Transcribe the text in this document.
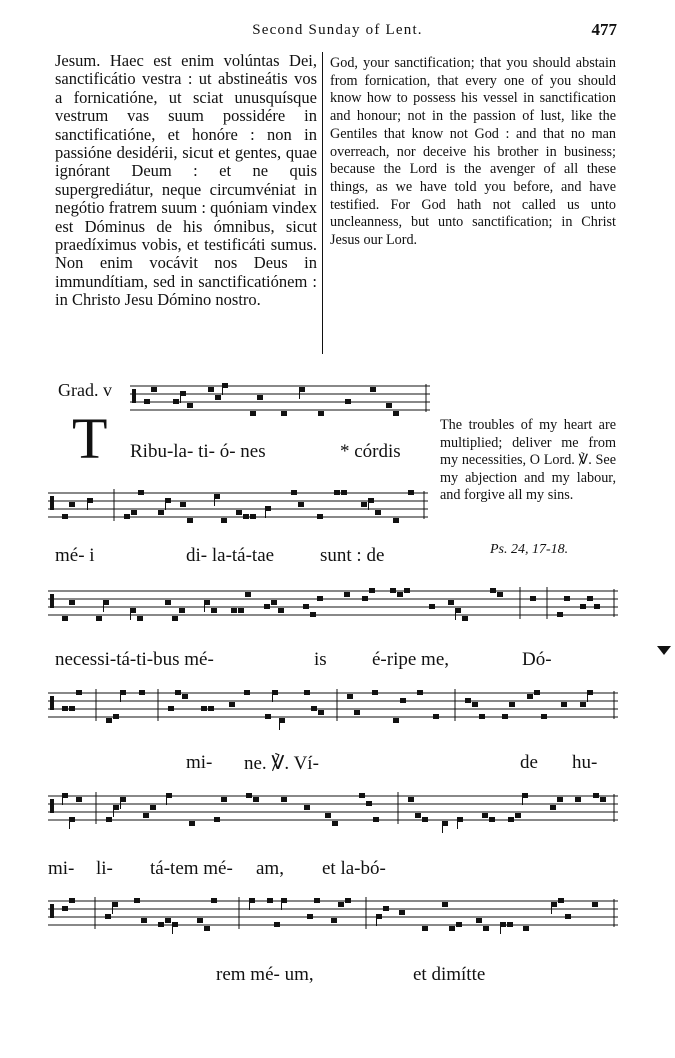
Second Sunday of Lent.	477

Jesum. Haec est enim volúntas Dei, sanctificátio vestra : ut abstineátis vos a fornicatióne, ut sciat unusquísque vestrum vas suum possidére in sanctificatióne, et honóre : non in passióne desidérii, sicut et gentes, quae ignórant Deum : et ne quis supergrediátur, neque circumvéniat in negótio fratrem suum : quóniam vindex est Dóminus de his ómnibus, sicut praedíximus vobis, et testificáti sumus. Non enim vocávit nos Deus in immundítiam, sed in sanctificatiónem : in Christo Jesu Dómino nostro.

God, your sanctification; that you should abstain from fornication, that every one of you should know how to possess his vessel in sanctification and honour; not in the passion of lust, like the Gentiles that know not God : and that no man overreach, nor deceive his brother in business; because the Lord is the avenger of all these things, as we have told you before, and have testified. For God hath not called us unto uncleanness, but unto sanctification; in Christ Jesus our Lord.

Grad. v
T	The troubles of my heart are multiplied; deliver me from my necessities, O Lord. ℣. See my abjection and my labour, and forgive all my sins.
Ps. 24, 17-18.
Ribu-la- ti- ó- nes	* córdis
mé- i	di- la-tá-tae sunt : de
necessi-tá-ti-bus mé-	is é-ripe me,	Dó-
mi- ne. ℣. Ví-	de hu-
mi- li- tá-tem mé- am, et la-bó-
rem mé- um,	et dimítte
